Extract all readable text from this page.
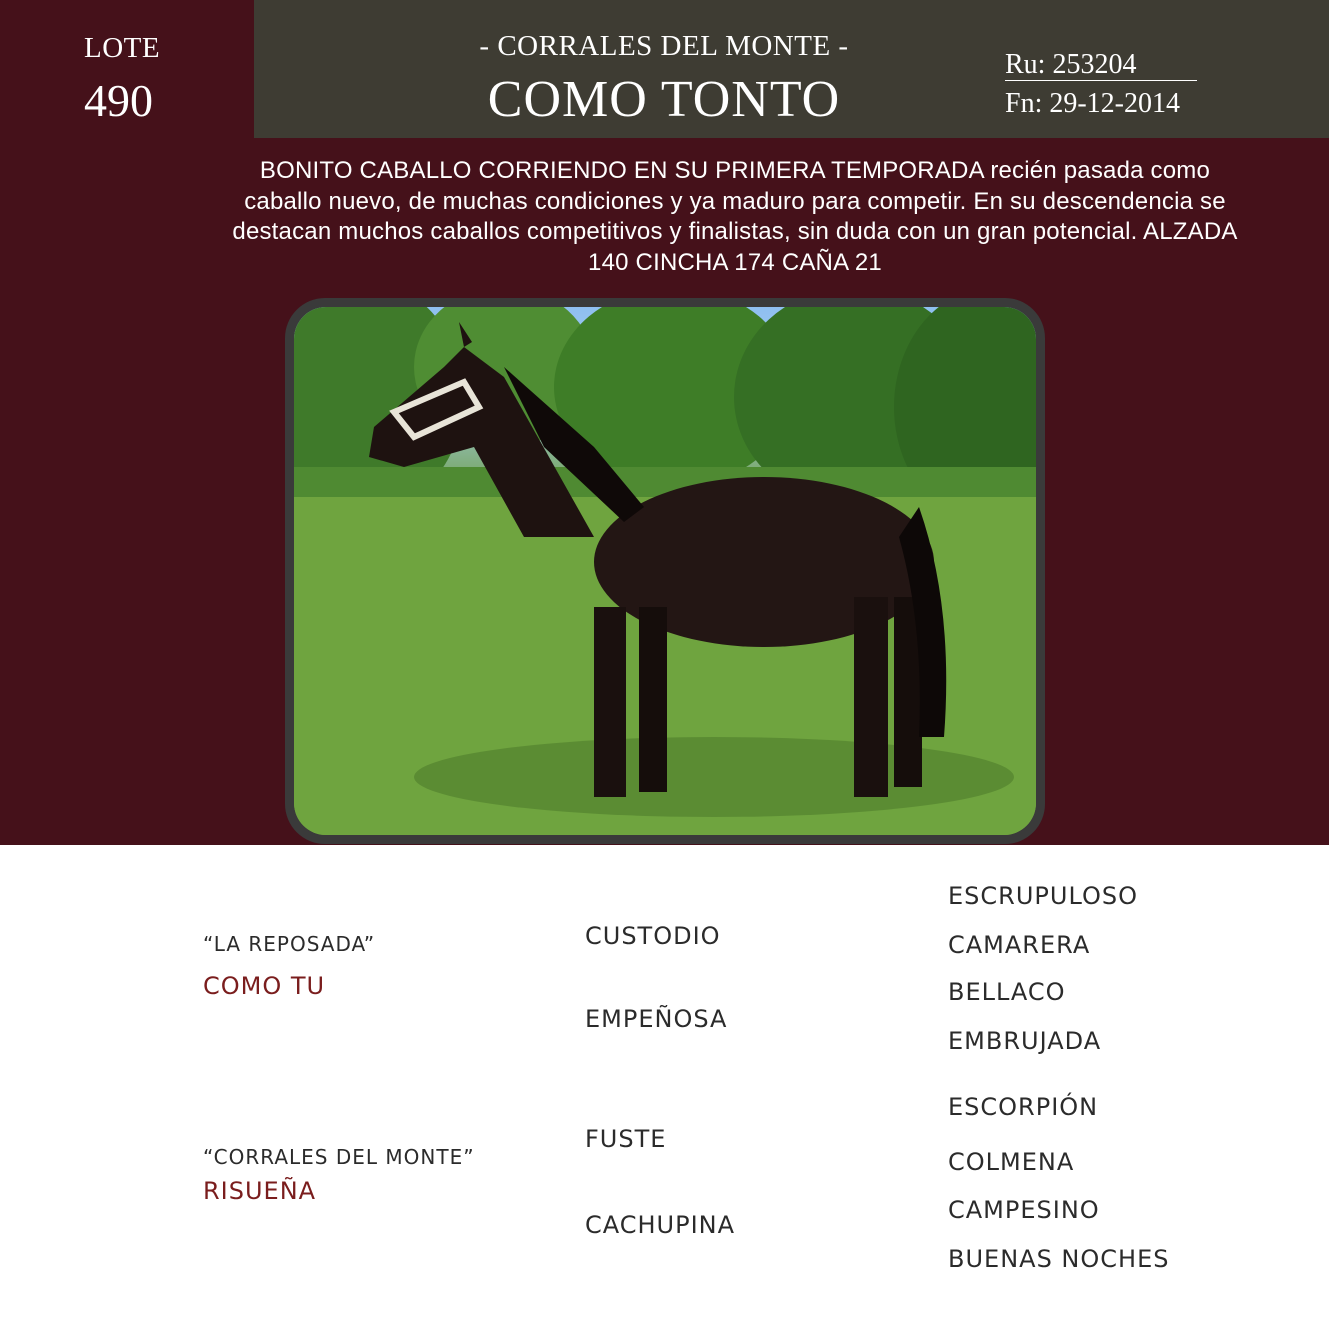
LOTE
490
- CORRALES DEL MONTE -
COMO TONTO
Ru: 253204
Fn: 29-12-2014
BONITO CABALLO CORRIENDO EN SU PRIMERA TEMPORADA recién pasada como caballo nuevo, de muchas condiciones y ya maduro para competir. En su descendencia se destacan muchos caballos competitivos y finalistas, sin duda con un gran potencial. ALZADA 140 CINCHA 174 CAÑA 21
“LA REPOSADA”
COMO TU
“CORRALES DEL MONTE”
RISUEÑA
CUSTODIO
EMPEÑOSA
FUSTE
CACHUPINA
ESCRUPULOSO
CAMARERA
BELLACO
EMBRUJADA
ESCORPIÓN
COLMENA
CAMPESINO
BUENAS NOCHES
